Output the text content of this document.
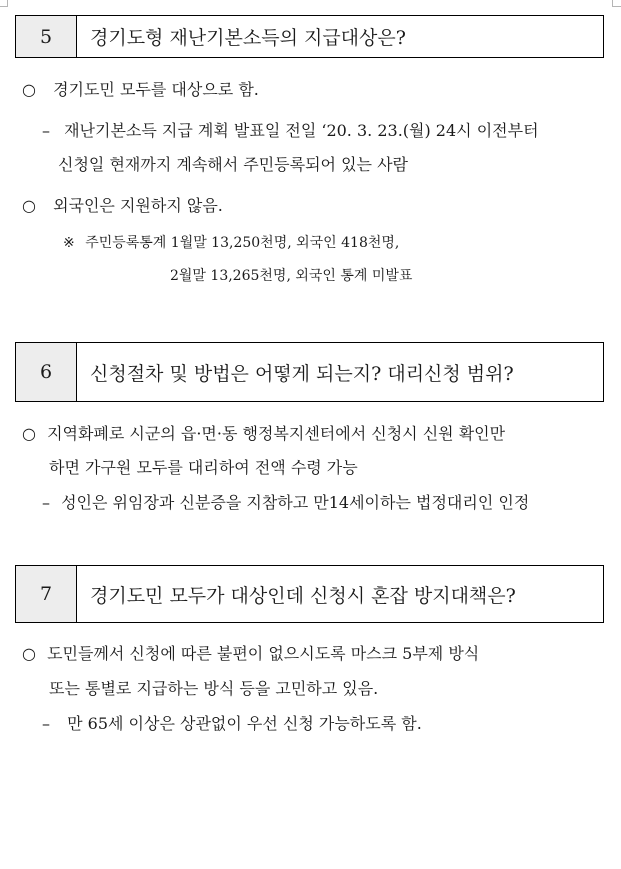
5	경기도형 재난기본소득의 지급대상은?
○ 경기도민 모두를 대상으로 함.
– 재난기본소득 지급 계획 발표일 전일 ‘20. 3. 23.(월) 24시 이전부터
신청일 현재까지 계속해서 주민등록되어 있는 사람
○ 외국인은 지원하지 않음.
※ 주민등록통계 1월말 13,250천명, 외국인 418천명,
2월말 13,265천명, 외국인 통계 미발표
6	신청절차 및 방법은 어떻게 되는지? 대리신청 범위?
○ 지역화폐로 시군의 읍·면·동 행정복지센터에서 신청시 신원 확인만
하면 가구원 모두를 대리하여 전액 수령 가능
– 성인은 위임장과 신분증을 지참하고 만14세이하는 법정대리인 인정
7	경기도민 모두가 대상인데 신청시 혼잡 방지대책은?
○ 도민들께서 신청에 따른 불편이 없으시도록 마스크 5부제 방식
또는 통별로 지급하는 방식 등을 고민하고 있음.
– 만 65세 이상은 상관없이 우선 신청 가능하도록 함.
